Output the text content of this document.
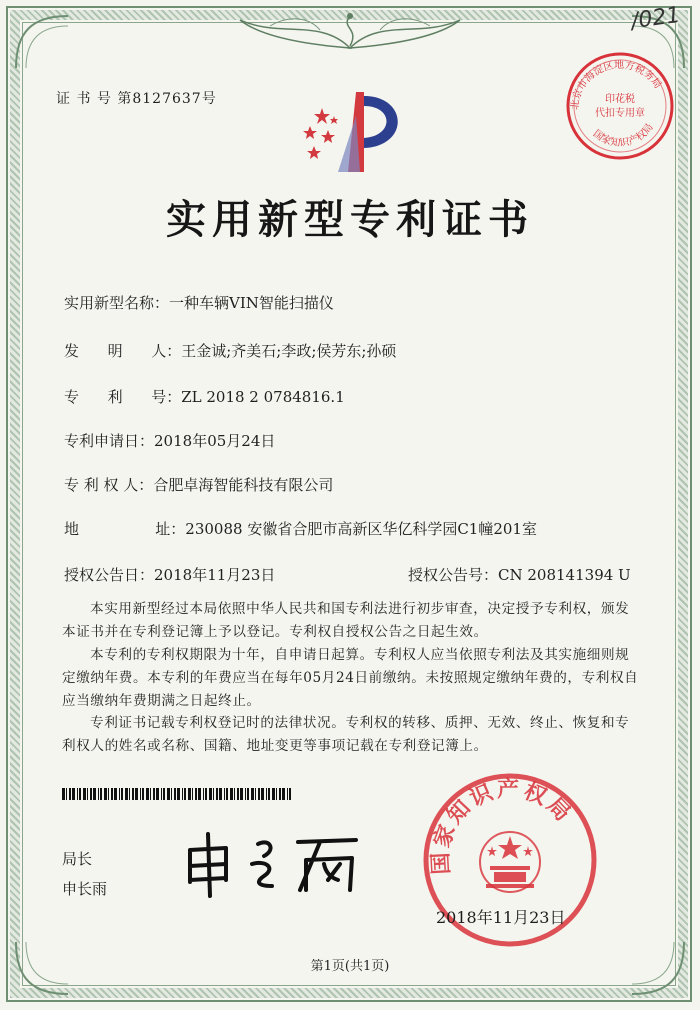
/021
证 书 号 第8127637号	北京市海淀区地方税务局
印花税
代扣专用章
国家知识产权局
实用新型专利证书
实用新型名称：一种车辆VIN智能扫描仪
发      明      人：王金诚;齐美石;李政;侯芳东;孙硕
专      利      号：ZL 2018 2 0784816.1
专利申请日：2018年05月24日
专 利 权 人：合肥卓海智能科技有限公司
地                址：230088 安徽省合肥市高新区华亿科学园C1幢201室
授权公告日：2018年11月23日	授权公告号：CN 208141394 U
本实用新型经过本局依照中华人民共和国专利法进行初步审查，决定授予专利权，颁发本证书并在专利登记簿上予以登记。专利权自授权公告之日起生效。
本专利的专利权期限为十年，自申请日起算。专利权人应当依照专利法及其实施细则规定缴纳年费。本专利的年费应当在每年05月24日前缴纳。未按照规定缴纳年费的，专利权自应当缴纳年费期满之日起终止。
专利证书记载专利权登记时的法律状况。专利权的转移、质押、无效、终止、恢复和专利权人的姓名或名称、国籍、地址变更等事项记载在专利登记簿上。
局长
申长雨
国家知识产权局
2018年11月23日
第1页(共1页)
